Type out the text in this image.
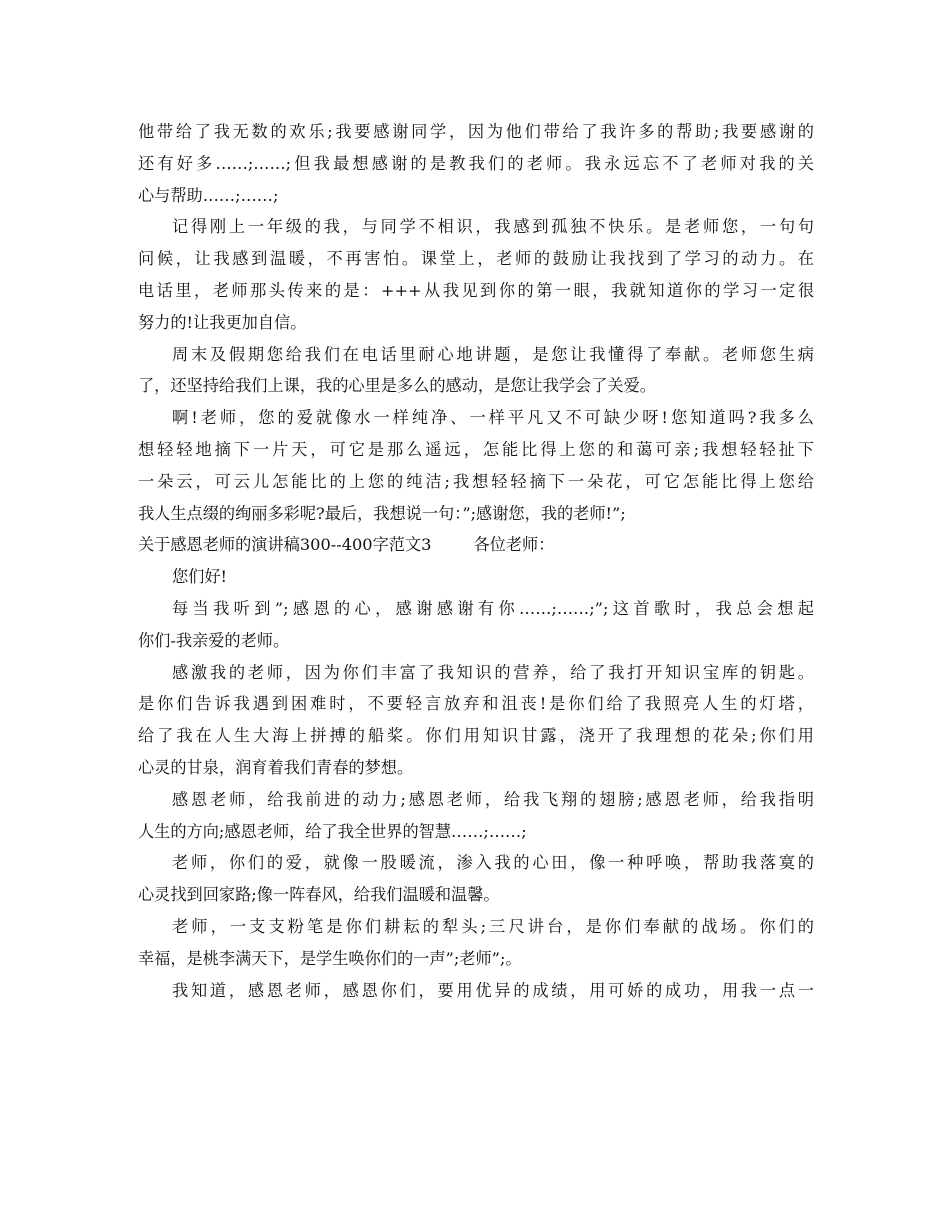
他带给了我无数的欢乐;我要感谢同学，因为他们带给了我许多的帮助;我要感谢的
还有好多……;……;但我最想感谢的是教我们的老师。我永远忘不了老师对我的关
心与帮助……;……;
记得刚上一年级的我，与同学不相识，我感到孤独不快乐。是老师您，一句句
问候，让我感到温暖，不再害怕。课堂上，老师的鼓励让我找到了学习的动力。在
电话里，老师那头传来的是：+++从我见到你的第一眼，我就知道你的学习一定很
努力的!让我更加自信。
周末及假期您给我们在电话里耐心地讲题，是您让我懂得了奉献。老师您生病
了，还坚持给我们上课，我的心里是多么的感动，是您让我学会了关爱。
啊!老师，您的爱就像水一样纯净、一样平凡又不可缺少呀!您知道吗?我多么
想轻轻地摘下一片天，可它是那么遥远，怎能比得上您的和蔼可亲;我想轻轻扯下
一朵云，可云儿怎能比的上您的纯洁;我想轻轻摘下一朵花，可它怎能比得上您给
我人生点缀的绚丽多彩呢?最后，我想说一句：”;感谢您，我的老师!”;
关于感恩老师的演讲稿300--400字范文3	各位老师：
您们好!
每当我听到”;感恩的心，感谢感谢有你……;……;”;这首歌时，我总会想起
你们-我亲爱的老师。
感激我的老师，因为你们丰富了我知识的营养，给了我打开知识宝库的钥匙。
是你们告诉我遇到困难时，不要轻言放弃和沮丧!是你们给了我照亮人生的灯塔，
给了我在人生大海上拼搏的船桨。你们用知识甘露，浇开了我理想的花朵;你们用
心灵的甘泉，润育着我们青春的梦想。
感恩老师，给我前进的动力;感恩老师，给我飞翔的翅膀;感恩老师，给我指明
人生的方向;感恩老师，给了我全世界的智慧……;……;
老师，你们的爱，就像一股暖流，渗入我的心田，像一种呼唤，帮助我落寞的
心灵找到回家路;像一阵春风，给我们温暖和温馨。
老师，一支支粉笔是你们耕耘的犁头;三尺讲台，是你们奉献的战场。你们的
幸福，是桃李满天下，是学生唤你们的一声”;老师”;。
我知道，感恩老师，感恩你们，要用优异的成绩，用可娇的成功，用我一点一
